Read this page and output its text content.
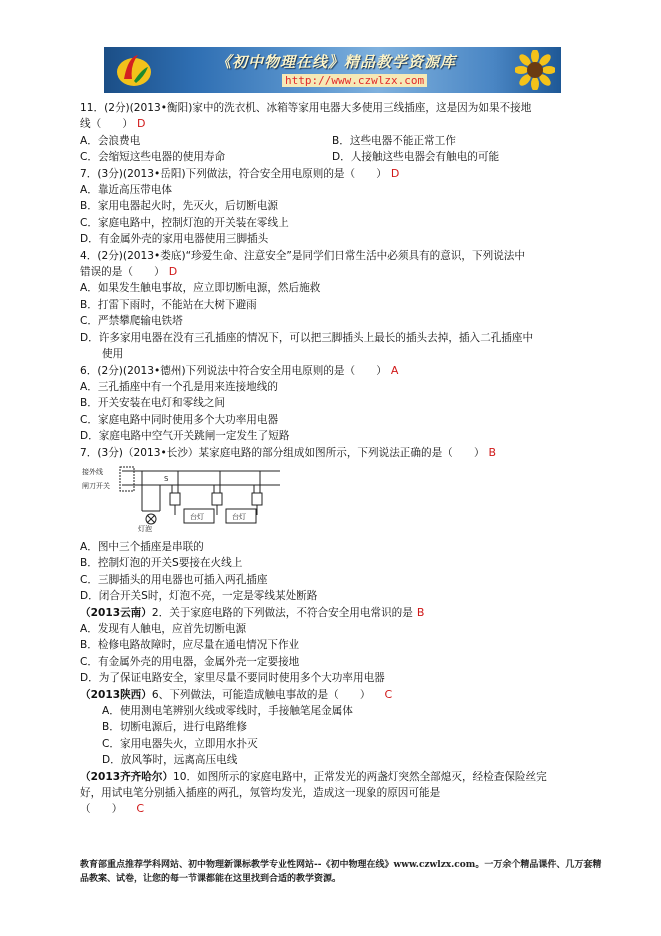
《初中物理在线》精品教学资源库
http://www.czwlzx.com
11．(2分)(2013•衡阳)家中的洗衣机、冰箱等家用电器大多使用三线插座，这是因为如果不接地
线（　　） D
A．会浪费电	B．这些电器不能正常工作
C．会缩短这些电器的使用寿命	D．人接触这些电器会有触电的可能
7．(3分)(2013•岳阳)下列做法，符合安全用电原则的是（　　） D
A．靠近高压带电体
B．家用电器起火时，先灭火，后切断电源
C．家庭电路中，控制灯泡的开关装在零线上
D．有金属外壳的家用电器使用三脚插头
4．(2分)(2013•娄底)“珍爱生命、注意安全”是同学们日常生活中必须具有的意识，下列说法中
错误的是（　　） D
A．如果发生触电事故，应立即切断电源，然后施救
B．打雷下雨时，不能站在大树下避雨
C．严禁攀爬输电铁塔
D．许多家用电器在没有三孔插座的情况下，可以把三脚插头上最长的插头去掉，插入二孔插座中
使用
6．(2分)(2013•德州)下列说法中符合安全用电原则的是（　　） A
A．三孔插座中有一个孔是用来连接地线的
B．开关安装在电灯和零线之间
C．家庭电路中同时使用多个大功率用电器
D．家庭电路中空气开关跳闸一定发生了短路
7．(3分)（2013•长沙）某家庭电路的部分组成如图所示，下列说法正确的是（　　） B
接外线
闸刀开关
S
灯泡
台灯	台灯
A．图中三个插座是串联的
B．控制灯泡的开关S要接在火线上
C．三脚插头的用电器也可插入两孔插座
D．闭合开关S时，灯泡不亮，一定是零线某处断路
（2013云南）2．关于家庭电路的下列做法，不符合安全用电常识的是 B
A．发现有人触电，应首先切断电源
B．检修电路故障时，应尽量在通电情况下作业
C．有金属外壳的用电器，金属外壳一定要接地
D．为了保证电路安全，家里尽量不要同时使用多个大功率用电器
（2013陕西）6、下列做法，可能造成触电事故的是（　　） C
A．使用测电笔辨别火线或零线时，手接触笔尾金属体
B．切断电源后，进行电路维修
C．家用电器失火，立即用水扑灭
D．放风筝时，远离高压电线
（2013齐齐哈尔）10．如图所示的家庭电路中，正常发光的两盏灯突然全部熄灭，经检查保险丝完
好，用试电笔分别插入插座的两孔，氖管均发光，造成这一现象的原因可能是
（　　） C
教育部重点推荐学科网站、初中物理新课标教学专业性网站--《初中物理在线》www.czwlzx.com。一万余个精品课件、几万套精品教案、试卷，让您的每一节课都能在这里找到合适的教学资源。
